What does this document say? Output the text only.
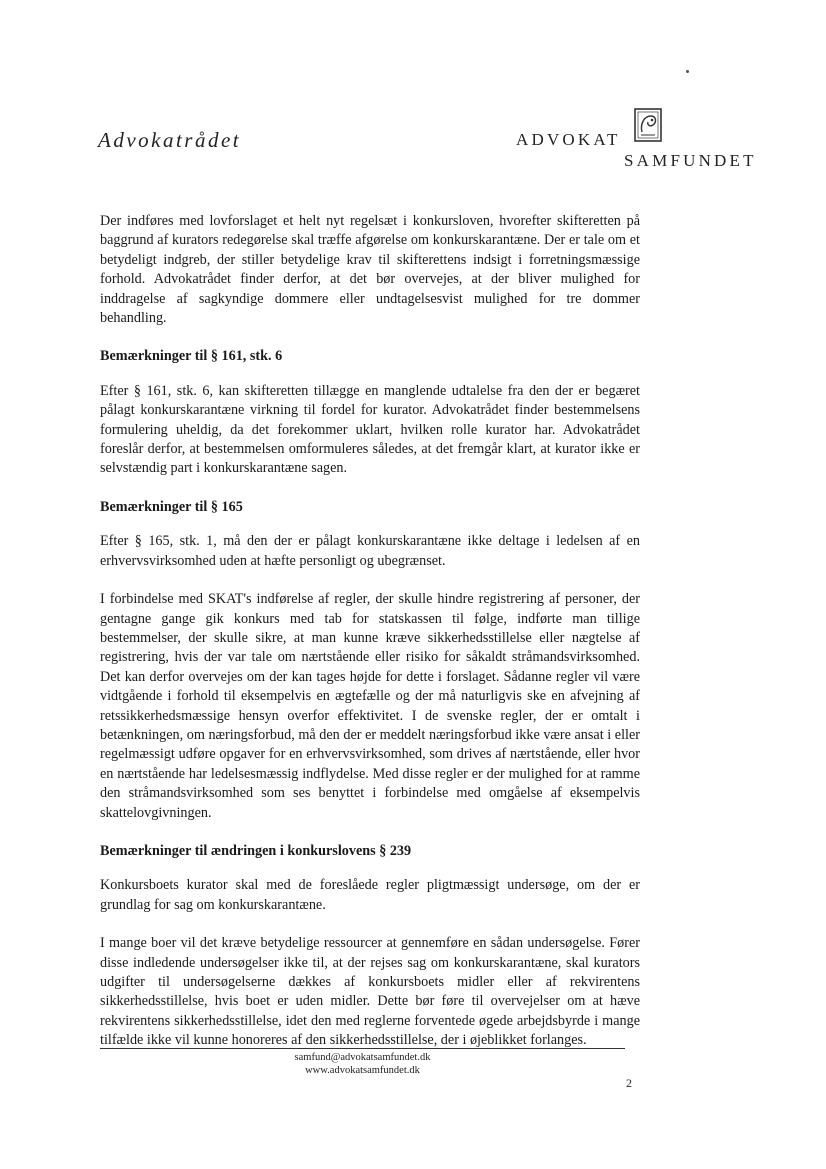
Advokatrådet	ADVOKAT
SAMFUNDET

Der indføres med lovforslaget et helt nyt regelsæt i konkursloven, hvorefter skifteretten på baggrund af kurators redegørelse skal træffe afgørelse om konkurskarantæne. Der er tale om et betydeligt indgreb, der stiller betydelige krav til skifterettens indsigt i forretningsmæssige forhold. Advokatrådet finder derfor, at det bør overvejes, at der bliver mulighed for inddragelse af sagkyndige dommere eller undtagelsesvist mulighed for tre dommer behandling.

Bemærkninger til § 161, stk. 6

Efter § 161, stk. 6, kan skifteretten tillægge en manglende udtalelse fra den der er begæret pålagt konkurskarantæne virkning til fordel for kurator. Advokatrådet finder bestemmelsens formulering uheldig, da det forekommer uklart, hvilken rolle kurator har. Advokatrådet foreslår derfor, at bestemmelsen omformuleres således, at det fremgår klart, at kurator ikke er selvstændig part i konkurskarantæne sagen.

Bemærkninger til § 165

Efter § 165, stk. 1, må den der er pålagt konkurskarantæne ikke deltage i ledelsen af en erhvervsvirksomhed uden at hæfte personligt og ubegrænset.

I forbindelse med SKAT's indførelse af regler, der skulle hindre registrering af personer, der gentagne gange gik konkurs med tab for statskassen til følge, indførte man tillige bestemmelser, der skulle sikre, at man kunne kræve sikkerhedsstillelse eller nægtelse af registrering, hvis der var tale om nærtstående eller risiko for såkaldt stråmandsvirksomhed. Det kan derfor overvejes om der kan tages højde for dette i forslaget. Sådanne regler vil være vidtgående i forhold til eksempelvis en ægtefælle og der må naturligvis ske en afvejning af retssikkerhedsmæssige hensyn overfor effektivitet. I de svenske regler, der er omtalt i betænkningen, om næringsforbud, må den der er meddelt næringsforbud ikke være ansat i eller regelmæssigt udføre opgaver for en erhvervsvirksomhed, som drives af nærtstående, eller hvor en nærtstående har ledelsesmæssig indflydelse. Med disse regler er der mulighed for at ramme den stråmandsvirksomhed som ses benyttet i forbindelse med omgåelse af eksempelvis skattelovgivningen.

Bemærkninger til ændringen i konkurslovens § 239

Konkursboets kurator skal med de foreslåede regler pligtmæssigt undersøge, om der er grundlag for sag om konkurskarantæne.

I mange boer vil det kræve betydelige ressourcer at gennemføre en sådan undersøgelse. Fører disse indledende undersøgelser ikke til, at der rejses sag om konkurskarantæne, skal kurators udgifter til undersøgelserne dækkes af konkursboets midler eller af rekvirentens sikkerhedsstillelse, hvis boet er uden midler. Dette bør føre til overvejelser om at hæve rekvirentens sikkerhedsstillelse, idet den med reglerne forventede øgede arbejdsbyrde i mange tilfælde ikke vil kunne honoreres af den sikkerhedsstillelse, der i øjeblikket forlanges.

samfund@advokatsamfundet.dk
www.advokatsamfundet.dk
2
